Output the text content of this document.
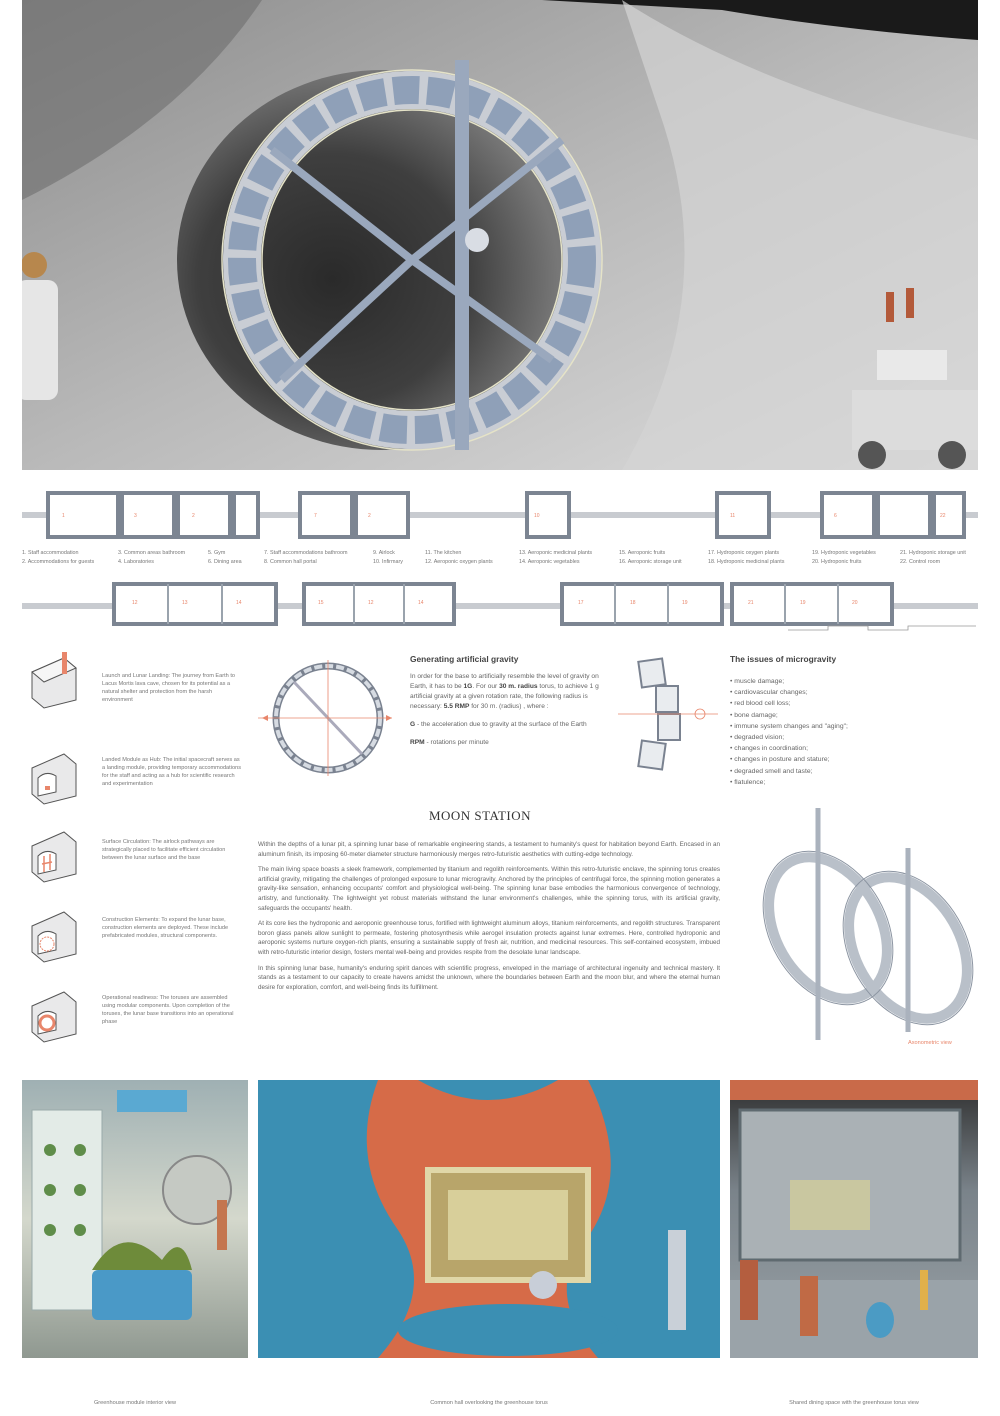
1	3	2	7	2	10	11	6	22
1. Staff accommodation
2. Accommodations for guests
3. Common areas bathroom
4. Laboratories
5. Gym
6. Dining area
7. Staff accommodations bathroom
8. Common hall portal
9. Airlock
10. Infirmary
11. The kitchen
12. Aeroponic oxygen plants
13. Aeroponic medicinal plants
14. Aeroponic vegetables
15. Aeroponic fruits
16. Aeroponic storage unit
17. Hydroponic oxygen plants
18. Hydroponic medicinal plants
19. Hydroponic vegetables
20. Hydroponic fruits
21. Hydroponic storage unit
22. Control room
12	13	14	15	12	14	17	18	19	21	19	20
Launch and Lunar Landing: The journey from Earth to Lacus Mortis lava cave, chosen for its potential as a natural shelter and protection from the harsh environment
Landed Module as Hub: The initial spacecraft serves as a landing module, providing temporary accommodations for the staff and acting as a hub for scientific research and experimentation
Surface Circulation: The airlock pathways are strategically placed to facilitate efficient circulation between the lunar surface and the base
Construction Elements: To expand the lunar base, construction elements are deployed. These include prefabricated modules, structural components.
Operational readiness: The toruses are assembled using modular components. Upon completion of the toruses, the lunar base transitions into an operational phase
Generating artificial gravity

In order for the base to artificially resemble the level of gravity on Earth, it has to be 1G. For our 30 m. radius torus, to achieve 1 g artificial gravity at a given rotation rate, the following radius is necessary: 5.5 RMP for 30 m. (radius) , where :

G - the acceleration due to gravity at the surface of the Earth

RPM - rotations per minute

The issues of microgravity
• muscle damage;
• cardiovascular changes;
• red blood cell loss;
• bone damage;
• immune system changes and "aging";
• degraded vision;
• changes in coordination;
• changes in posture and stature;
• degraded smell and taste;
• flatulence;
MOON STATION

Within the depths of a lunar pit, a spinning lunar base of remarkable engineering stands, a testament to humanity's quest for habitation beyond Earth. Encased in an aluminum finish, its imposing 60-meter diameter structure harmoniously merges retro-futuristic aesthetics with cutting-edge technology.

The main living space boasts a sleek framework, complemented by titanium and regolith reinforcements. Within this retro-futuristic enclave, the spinning torus creates artificial gravity, mitigating the challenges of prolonged exposure to lunar microgravity. Anchored by the principles of centrifugal force, the spinning motion generates a gravity-like sensation, enhancing occupants' comfort and physiological well-being. The spinning lunar base embodies the harmonious convergence of technology, artistry, and functionality. The lightweight yet robust materials withstand the lunar environment's challenges, while the spinning torus, with its artificial gravity, safeguards the occupants' health.

At its core lies the hydroponic and aeroponic greenhouse torus, fortified with lightweight aluminum alloys, titanium reinforcements, and regolith structures. Transparent boron glass panels allow sunlight to permeate, fostering photosynthesis while aerogel insulation protects against lunar extremes. Here, controlled hydroponic and aeroponic systems nurture oxygen-rich plants, ensuring a sustainable supply of fresh air, nutrition, and medicinal resources. This self-contained ecosystem, imbued with retro-futuristic interior design, fosters mental well-being and provides respite from the desolate lunar landscape.

In this spinning lunar base, humanity's enduring spirit dances with scientific progress, enveloped in the marriage of architectural ingenuity and technical mastery. It stands as a testament to our capacity to create havens amidst the unknown, where the boundaries between Earth and the moon blur, and where the eternal human desire for exploration, comfort, and well-being finds its fulfillment.

Axonometric view
Greenhouse module interior view	Common hall overlooking the greenhouse torus	Shared dining space with the greenhouse torus view
